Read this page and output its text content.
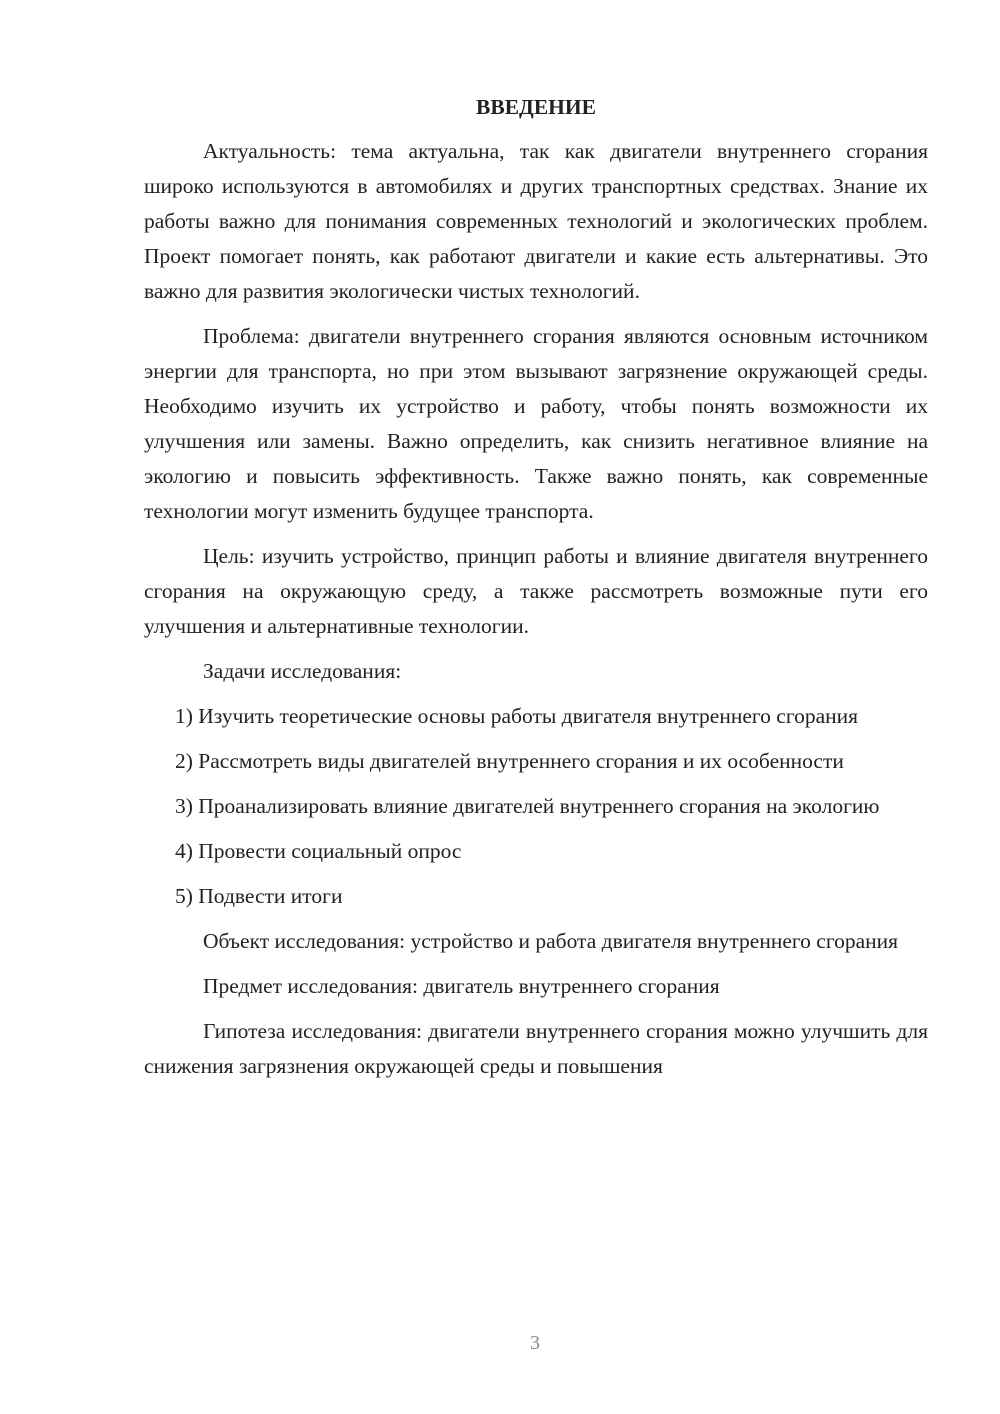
ВВЕДЕНИЕ

Актуальность: тема актуальна, так как двигатели внутреннего сгорания широко используются в автомобилях и других транспортных средствах. Знание их работы важно для понимания современных технологий и экологических проблем. Проект помогает понять, как работают двигатели и какие есть альтернативы. Это важно для развития экологически чистых технологий.

Проблема: двигатели внутреннего сгорания являются основным источником энергии для транспорта, но при этом вызывают загрязнение окружающей среды. Необходимо изучить их устройство и работу, чтобы понять возможности их улучшения или замены. Важно определить, как снизить негативное влияние на экологию и повысить эффективность. Также важно понять, как современные технологии могут изменить будущее транспорта.

Цель: изучить устройство, принцип работы и влияние двигателя внутреннего сгорания на окружающую среду, а также рассмотреть возможные пути его улучшения и альтернативные технологии.

Задачи исследования:

1) Изучить теоретические основы работы двигателя внутреннего сгорания

2) Рассмотреть виды двигателей внутреннего сгорания и их особенности

3) Проанализировать влияние двигателей внутреннего сгорания на экологию

4) Провести социальный опрос

5) Подвести итоги

Объект исследования: устройство и работа двигателя внутреннего сгорания

Предмет исследования: двигатель внутреннего сгорания

Гипотеза исследования: двигатели внутреннего сгорания можно улучшить для снижения загрязнения окружающей среды и повышения

3
